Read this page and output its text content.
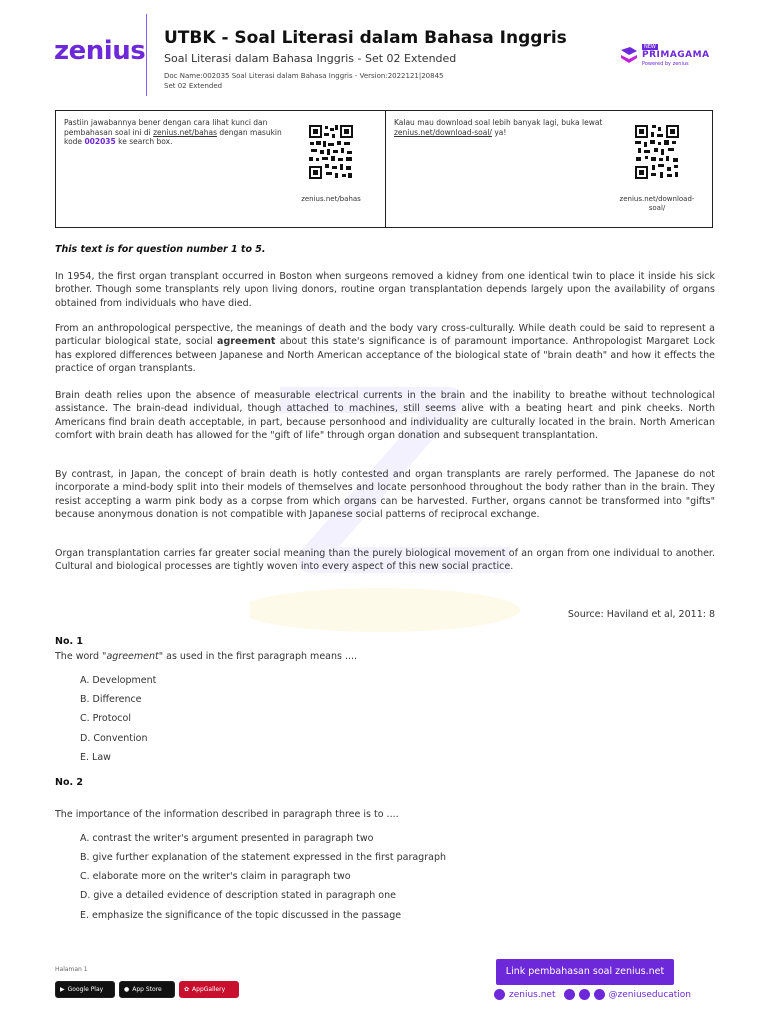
zenius UTBK - Soal Literasi dalam Bahasa Inggris
Soal Literasi dalam Bahasa Inggris - Set 02 Extended
Doc Name:002035 Soal Literasi dalam Bahasa Inggris - Version:2022121|20845
Set 02 Extended
NEW
PRIMAGAMA
Powered by zenius
Pastiin jawabannya bener dengan cara lihat kunci dan pembahasan soal ini di zenius.net/bahas dengan masukin kode 002035 ke search box.
zenius.net/bahas
Kalau mau download soal lebih banyak lagi, buka lewat zenius.net/download-soal/ ya!
zenius.net/download-soal/
This text is for question number 1 to 5.
In 1954, the first organ transplant occurred in Boston when surgeons removed a kidney from one identical twin to place it inside his sick brother. Though some transplants rely upon living donors, routine organ transplantation depends largely upon the availability of organs obtained from individuals who have died.
From an anthropological perspective, the meanings of death and the body vary cross-culturally. While death could be said to represent a particular biological state, social agreement about this state's significance is of paramount importance. Anthropologist Margaret Lock has explored differences between Japanese and North American acceptance of the biological state of "brain death" and how it effects the practice of organ transplants.
Brain death relies upon the absence of measurable electrical currents in the brain and the inability to breathe without technological assistance. The brain-dead individual, though attached to machines, still seems alive with a beating heart and pink cheeks. North Americans find brain death acceptable, in part, because personhood and individuality are culturally located in the brain. North American comfort with brain death has allowed for the "gift of life" through organ donation and subsequent transplantation.
By contrast, in Japan, the concept of brain death is hotly contested and organ transplants are rarely performed. The Japanese do not incorporate a mind-body split into their models of themselves and locate personhood throughout the body rather than in the brain. They resist accepting a warm pink body as a corpse from which organs can be harvested. Further, organs cannot be transformed into "gifts" because anonymous donation is not compatible with Japanese social patterns of reciprocal exchange.
Organ transplantation carries far greater social meaning than the purely biological movement of an organ from one individual to another. Cultural and biological processes are tightly woven into every aspect of this new social practice.
Source: Haviland et al, 2011: 8
No. 1
The word "agreement" as used in the first paragraph means ....
A. Development
B. Difference
C. Protocol
D. Convention
E. Law
No. 2
The importance of the information described in paragraph three is to ....
A. contrast the writer's argument presented in paragraph two
B. give further explanation of the statement expressed in the first paragraph
C. elaborate more on the writer's claim in paragraph two
D. give a detailed evidence of description stated in paragraph one
E. emphasize the significance of the topic discussed in the passage
Halaman 1
▶ Google Play	● App Store	✿ AppGallery
Link pembahasan soal zenius.net
zenius.net	@zeniuseducation
